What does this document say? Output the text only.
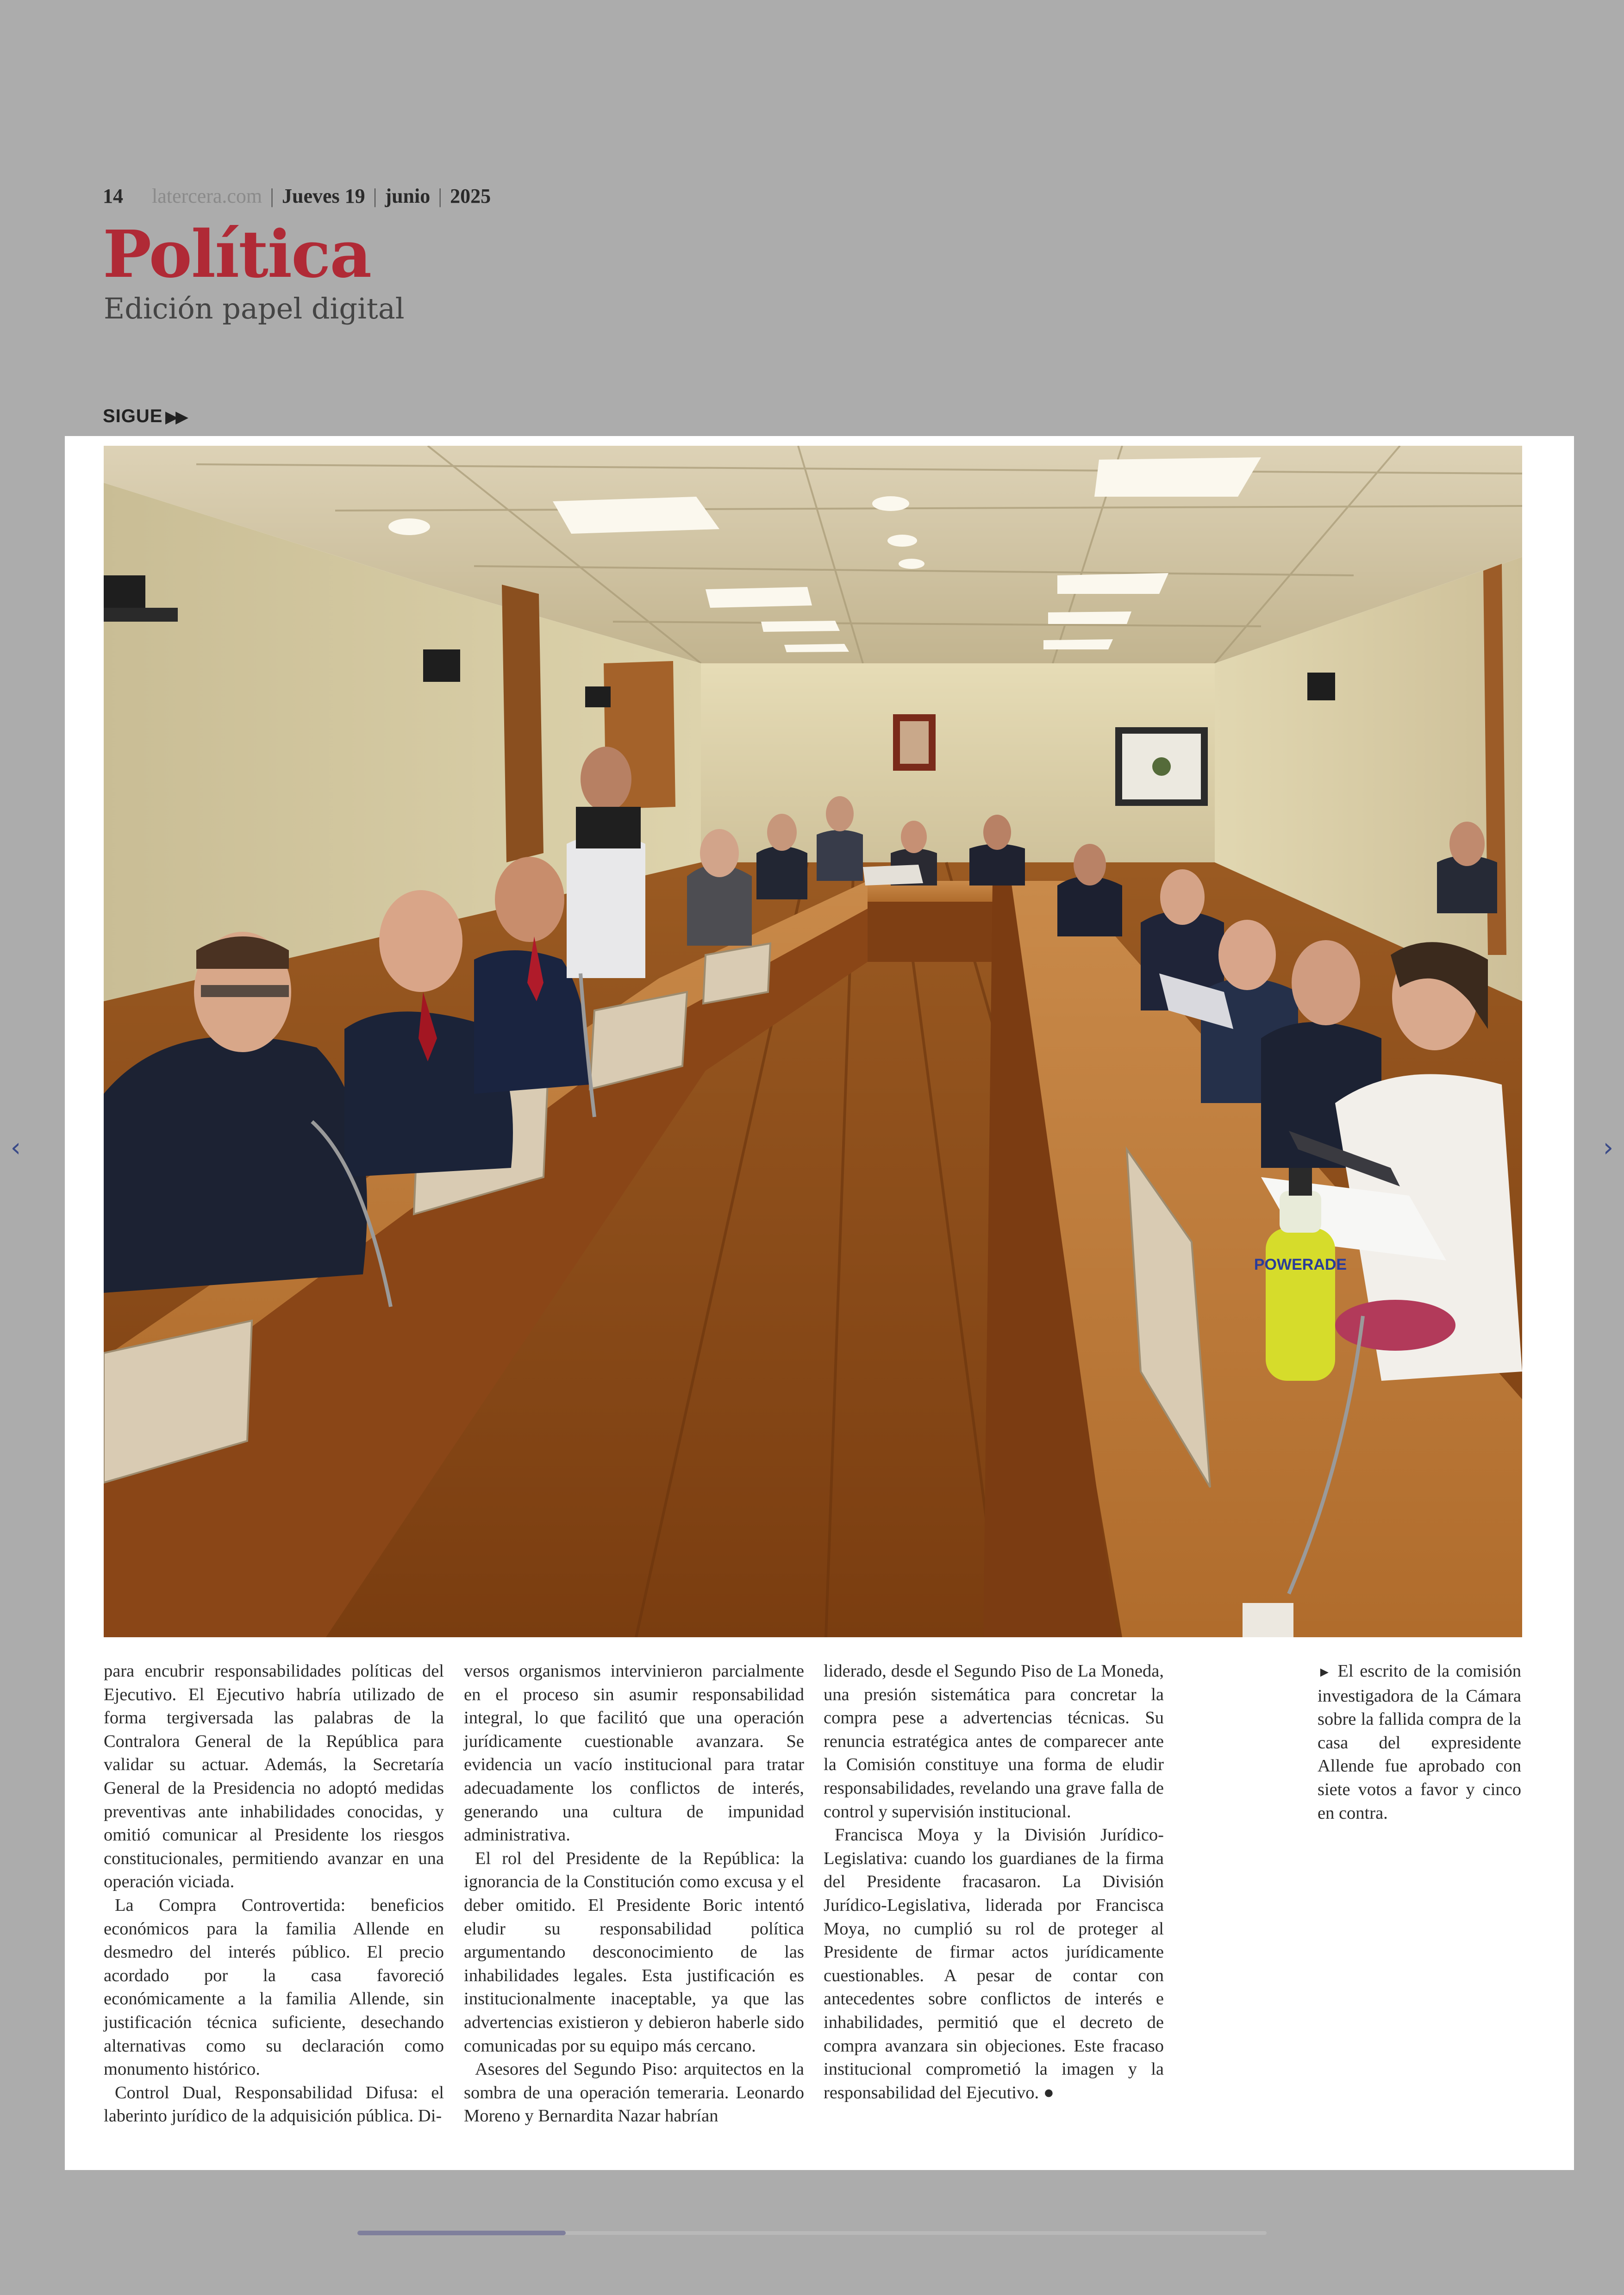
14 latercera.com | Jueves 19 | junio | 2025
Política
Edición papel digital
SIGUE ▶▶
POWERADE

para encubrir responsabilidades políticas del Ejecutivo. El Ejecutivo habría utilizado de forma tergiversada las palabras de la Contralora General de la República para validar su actuar. Además, la Secretaría General de la Presidencia no adoptó medidas preventivas ante inhabilidades conocidas, y omitió comunicar al Presidente los riesgos constitucionales, permitiendo avanzar en una operación viciada.

La Compra Controvertida: beneficios económicos para la familia Allende en desmedro del interés público. El precio acordado por la casa favoreció económicamente a la familia Allende, sin justificación técnica suficiente, desechando alternativas como su declaración como monumento histórico.

Control Dual, Responsabilidad Difusa: el laberinto jurídico de la adquisición pública. Di-

versos organismos intervinieron parcialmente en el proceso sin asumir responsabilidad integral, lo que facilitó que una operación jurídicamente cuestionable avanzara. Se evidencia un vacío institucional para tratar adecuadamente los conflictos de interés, generando una cultura de impunidad administrativa.

El rol del Presidente de la República: la ignorancia de la Constitución como excusa y el deber omitido. El Presidente Boric intentó eludir su responsabilidad política argumentando desconocimiento de las inhabilidades legales. Esta justificación es institucionalmente inaceptable, ya que las advertencias existieron y debieron haberle sido comunicadas por su equipo más cercano.

Asesores del Segundo Piso: arquitectos en la sombra de una operación temeraria. Leonardo Moreno y Bernardita Nazar habrían

liderado, desde el Segundo Piso de La Moneda, una presión sistemática para concretar la compra pese a advertencias técnicas. Su renuncia estratégica antes de comparecer ante la Comisión constituye una forma de eludir responsabilidades, revelando una grave falla de control y supervisión institucional.

Francisca Moya y la División Jurídico-Legislativa: cuando los guardianes de la firma del Presidente fracasaron. La División Jurídico-Legislativa, liderada por Francisca Moya, no cumplió su rol de proteger al Presidente de firmar actos jurídicamente cuestionables. A pesar de contar con antecedentes sobre conflictos de interés e inhabilidades, permitió que el decreto de compra avanzara sin objeciones. Este fracaso institucional comprometió la imagen y la responsabilidad del Ejecutivo. ●

► El escrito de la comisión investigadora de la Cámara sobre la fallida compra de la casa del expresidente Allende fue aprobado con siete votos a favor y cinco en contra.
‹	›
